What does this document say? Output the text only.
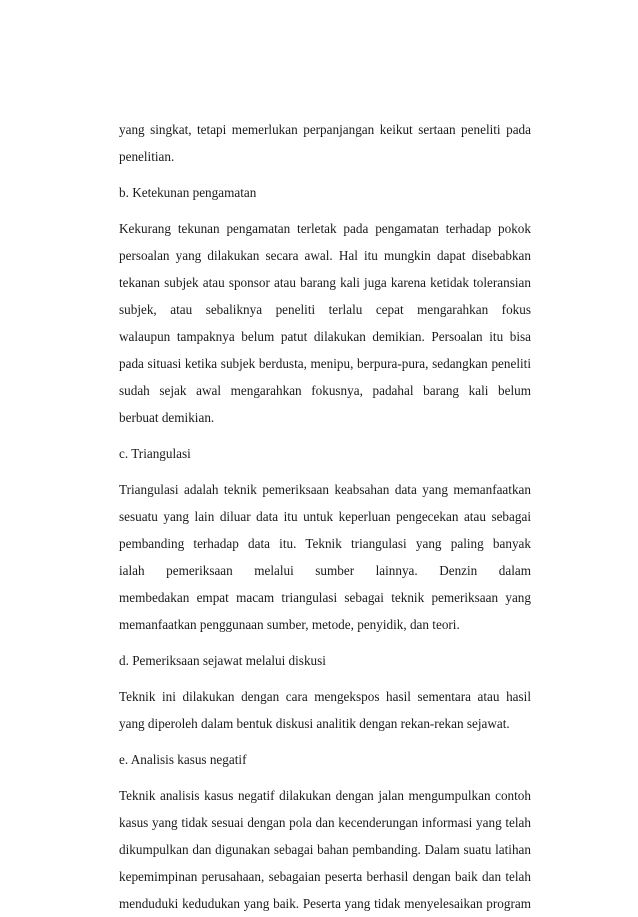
yang singkat, tetapi memerlukan perpanjangan keikut sertaan peneliti pada
penelitian.
b. Ketekunan pengamatan
Kekurang tekunan pengamatan terletak pada pengamatan terhadap pokok
persoalan yang dilakukan secara awal. Hal itu mungkin dapat disebabkan
tekanan subjek atau sponsor atau barang kali juga karena ketidak toleransian
subjek, atau sebaliknya peneliti terlalu cepat mengarahkan fokus
walaupun tampaknya belum patut dilakukan demikian. Persoalan itu bisa
pada situasi ketika subjek berdusta, menipu, berpura-pura, sedangkan peneliti
sudah sejak awal mengarahkan fokusnya, padahal barang kali belum
berbuat demikian.
c. Triangulasi
Triangulasi adalah teknik pemeriksaan keabsahan data yang memanfaatkan
sesuatu yang lain diluar data itu untuk keperluan pengecekan atau sebagai
pembanding terhadap data itu. Teknik triangulasi yang paling banyak
ialah pemeriksaan melalui sumber lainnya. Denzin dalam
membedakan empat macam triangulasi sebagai teknik pemeriksaan yang
memanfaatkan penggunaan sumber, metode, penyidik, dan teori.
d. Pemeriksaan sejawat melalui diskusi
Teknik ini dilakukan dengan cara mengekspos hasil sementara atau hasil
yang diperoleh dalam bentuk diskusi analitik dengan rekan-rekan sejawat.
e. Analisis kasus negatif
Teknik analisis kasus negatif dilakukan dengan jalan mengumpulkan contoh
kasus yang tidak sesuai dengan pola dan kecenderungan informasi yang telah
dikumpulkan dan digunakan sebagai bahan pembanding. Dalam suatu latihan
kepemimpinan perusahaan, sebagaian peserta berhasil dengan baik dan telah
menduduki kedudukan yang baik. Peserta yang tidak menyelesaikan program
